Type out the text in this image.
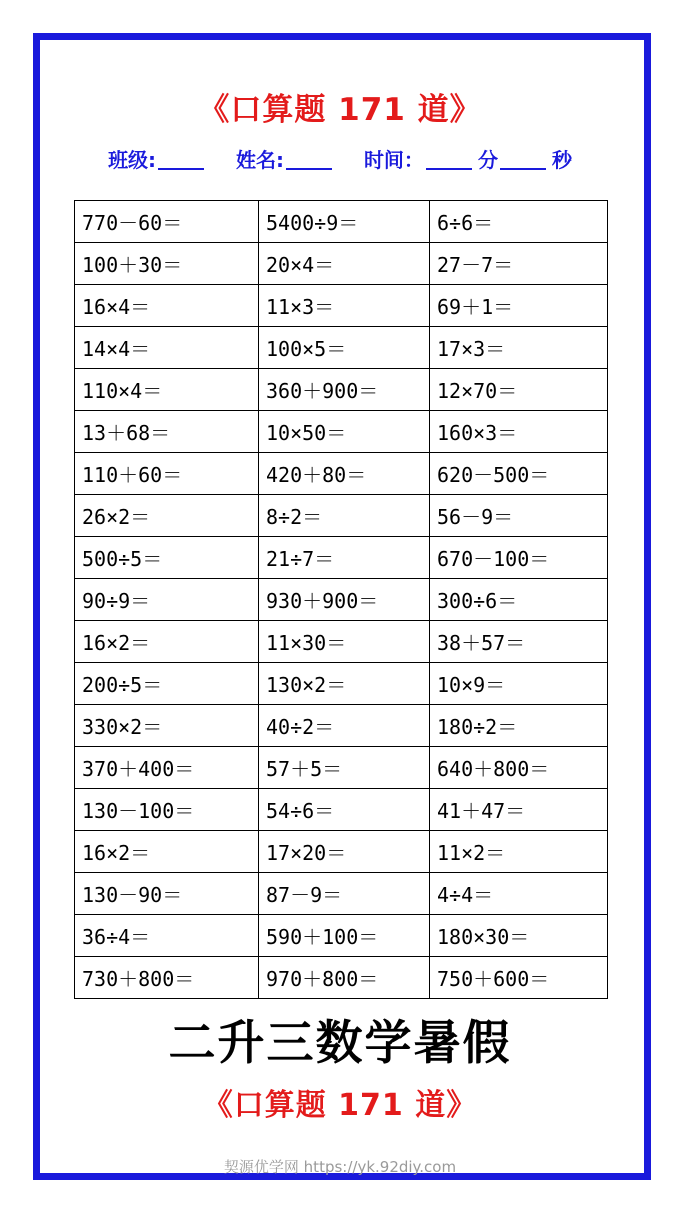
《口算题 171 道》
班级:	姓名:	时间：	分	秒
770－60＝	5400÷9＝	6÷6＝
100＋30＝	20×4＝	27－7＝
16×4＝	11×3＝	69＋1＝
14×4＝	100×5＝	17×3＝
110×4＝	360＋900＝	12×70＝
13＋68＝	10×50＝	160×3＝
110＋60＝	420＋80＝	620－500＝
26×2＝	8÷2＝	56－9＝
500÷5＝	21÷7＝	670－100＝
90÷9＝	930＋900＝	300÷6＝
16×2＝	11×30＝	38＋57＝
200÷5＝	130×2＝	10×9＝
330×2＝	40÷2＝	180÷2＝
370＋400＝	57＋5＝	640＋800＝
130－100＝	54÷6＝	41＋47＝
16×2＝	17×20＝	11×2＝
130－90＝	87－9＝	4÷4＝
36÷4＝	590＋100＝	180×30＝
730＋800＝	970＋800＝	750＋600＝
二升三数学暑假
《口算题 171 道》
契源优学网 https://yk.92diy.com
